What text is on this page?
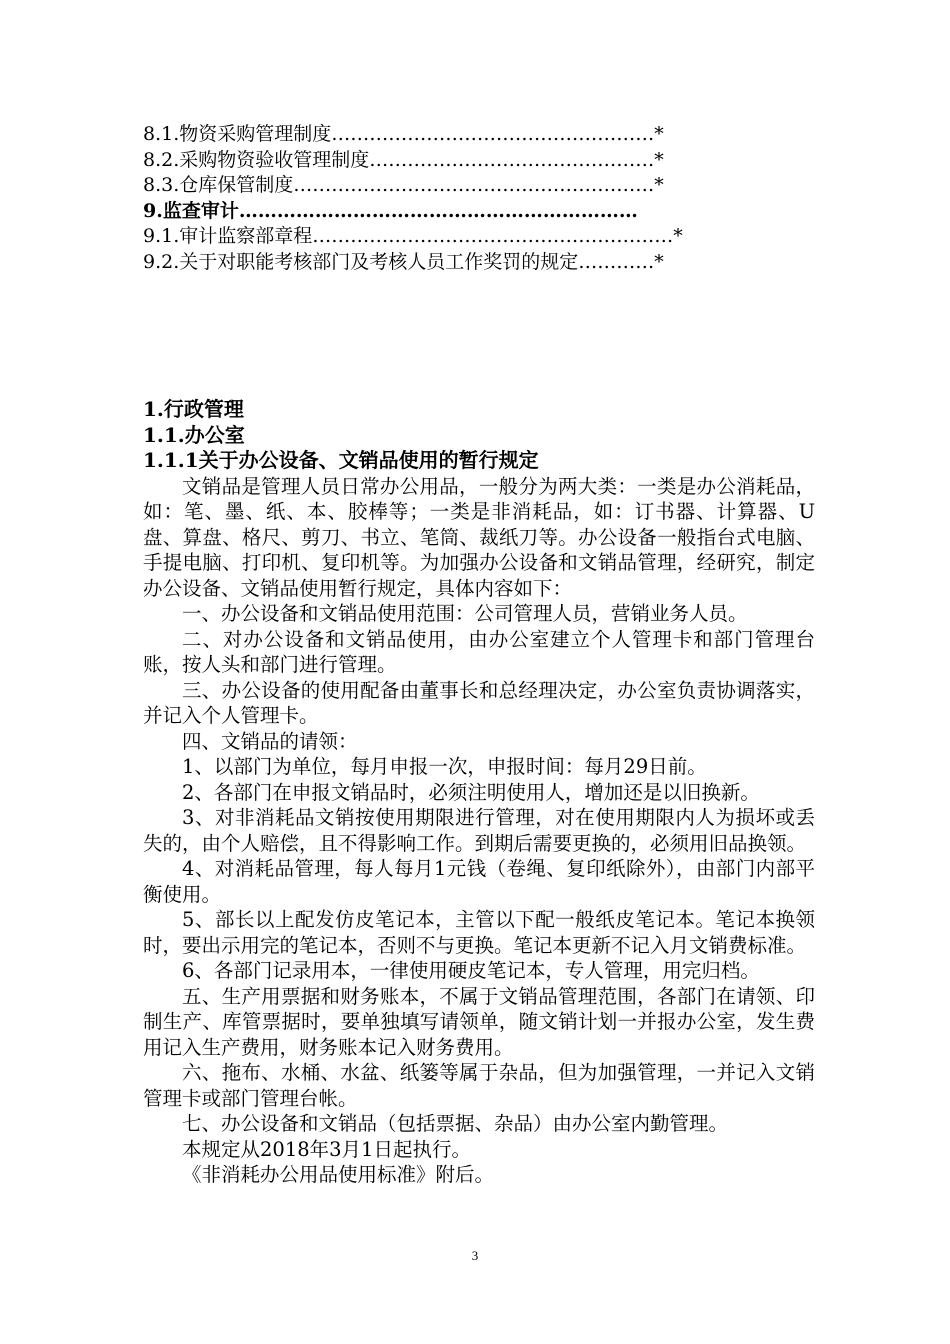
8.1.物资采购管理制度……………………………………………*
8.2.采购物资验收管理制度………………………………………*
8.3.仓库保管制度…………………………………………………*
9.监查审计………………………………………………………
9.1.审计监察部章程…………………………………………………*
9.2.关于对职能考核部门及考核人员工作奖罚的规定…………*
1.行政管理
1.1.办公室
1.1.1关于办公设备、文销品使用的暂行规定

文销品是管理人员日常办公用品，一般分为两大类：一类是办公消耗品，如：笔、墨、纸、本、胶棒等；一类是非消耗品，如：订书器、计算器、U盘、算盘、格尺、剪刀、书立、笔筒、裁纸刀等。办公设备一般指台式电脑、手提电脑、打印机、复印机等。为加强办公设备和文销品管理，经研究，制定办公设备、文销品使用暂行规定，具体内容如下：

一、办公设备和文销品使用范围：公司管理人员，营销业务人员。

二、对办公设备和文销品使用，由办公室建立个人管理卡和部门管理台账，按人头和部门进行管理。

三、办公设备的使用配备由董事长和总经理决定，办公室负责协调落实，并记入个人管理卡。

四、文销品的请领：

1、以部门为单位，每月申报一次，申报时间：每月29日前。

2、各部门在申报文销品时，必须注明使用人，增加还是以旧换新。

3、对非消耗品文销按使用期限进行管理，对在使用期限内人为损坏或丢失的，由个人赔偿，且不得影响工作。到期后需要更换的，必须用旧品换领。

4、对消耗品管理，每人每月1元钱（卷绳、复印纸除外），由部门内部平衡使用。

5、部长以上配发仿皮笔记本，主管以下配一般纸皮笔记本。笔记本换领时，要出示用完的笔记本，否则不与更换。笔记本更新不记入月文销费标准。

6、各部门记录用本，一律使用硬皮笔记本，专人管理，用完归档。

五、生产用票据和财务账本，不属于文销品管理范围，各部门在请领、印制生产、库管票据时，要单独填写请领单，随文销计划一并报办公室，发生费用记入生产费用，财务账本记入财务费用。

六、拖布、水桶、水盆、纸篓等属于杂品，但为加强管理，一并记入文销管理卡或部门管理台帐。

七、办公设备和文销品（包括票据、杂品）由办公室内勤管理。

本规定从2018年3月1日起执行。

《非消耗办公用品使用标准》附后。

3
